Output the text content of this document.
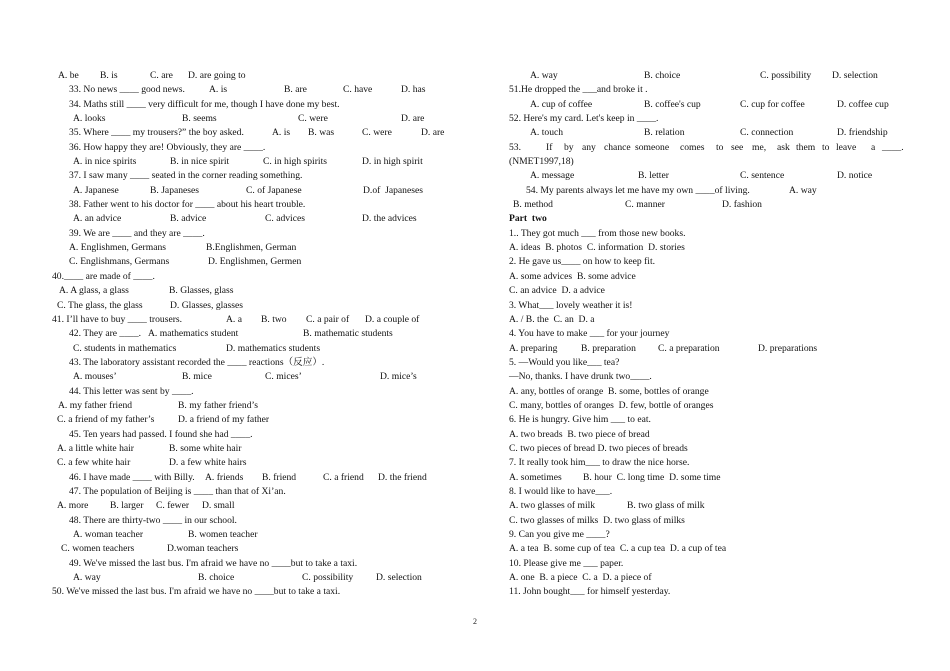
A. be B. is	C. are D. are going to
33. No news ____ good news.	A. is	B. are	C. have	D. has
34. Maths still ____ very difficult for me, though I have done my best.
A. looks	B. seems	C. were	D. are
35. Where ____ my trousers?” the boy asked.	A. is B. was	C. were	D. are
36. How happy they are! Obviously, they are ____.
A. in nice spirits	B. in nice spirit	C. in high spirits	D. in high spirit
37. I saw many ____ seated in the corner reading something.
A. Japanese	B. Japaneses	C. of Japanese	D.of  Japaneses
38. Father went to his doctor for ____ about his heart trouble.
A. an advice	B. advice	C. advices	D. the advices
39. We are ____ and they are ____.
A. Englishmen, Germans	B.Englishmen, German
C. Englishmans, Germans	D. Englishmen, Germen
40.____ are made of ____.
A. A glass, a glass	B. Glasses, glass
C. The glass, the glass	D. Glasses, glasses
41. I’ll have to buy ____ trousers.	A. a B. two C. a pair of D. a couple of
42. They are ____. A. mathematics student	B. mathematic students
C. students in mathematics	D. mathematics students
43. The laboratory assistant recorded the ____ reactions（反应）.
A. mouses’	B. mice	C. mices’	D. mice’s
44. This letter was sent by ____.
A. my father friend	B. my father friend’s
C. a friend of my father’s D. a friend of my father
45. Ten years had passed. I found she had ____.
A. a little white hair	B. some white hair
C. a few white hair	D. a few white hairs
46. I have made ____ with Billy. A. friends B. friend	C. a friend D. the friend
47. The population of Beijing is ____ than that of Xi’an.
A. more B. larger C. fewer D. small
48. There are thirty-two ____ in our school.
A. woman teacher	B. women teacher
C. women teachers	D.woman teachers
49. We've missed the last bus. I'm afraid we have no ____but to take a taxi.
A. way	B. choice	C. possibility D. selection
50. We've missed the last bus. I'm afraid we have no ____but to take a taxi.
A. way	B. choice	C. possibility D. selection
51.He dropped the ___and broke it .
A. cup of coffee	B. coffee's cup	C. cup for coffee	D. coffee cup
52. Here's my card. Let's keep in ____.
A. touch	B. relation	C. connection	D. friendship
53.	If by any chance someone comes to see me, ask them to leave a ____.
(NMET1997,18)
A. message	B. letter	C. sentence	D. notice
54. My parents always let me have my own ____of living.	A. way
B. method	C. manner	D. fashion
Part  two
1.. They got much ___ from those new books.
A. ideas  B. photos  C. information  D. stories
2. He gave us____ on how to keep fit.
A. some advices  B. some advice
C. an advice  D. a advice
3. What___ lovely weather it is!
A. / B. the  C. an  D. a
4. You have to make ___ for your journey
A. preparing B. preparation C. a preparation	D. preparations
5. —Would you like___ tea?
—No, thanks. I have drunk two____.
A. any, bottles of orange  B. some, bottles of orange
C. many, bottles of oranges  D. few, bottle of oranges
6. He is hungry. Give him ___ to eat.
A. two breads  B. two piece of bread
C. two pieces of bread D. two pieces of breads
7. It really took him___ to draw the nice horse.
A. sometimes B. hour  C. long time  D. some time
8. I would like to have___.
A. two glasses of milk	B. two glass of milk
C. two glasses of milks  D. two glass of milks
9. Can you give me ____?
A. a tea  B. some cup of tea  C. a cup tea  D. a cup of tea
10. Please give me ___ paper.
A. one  B. a piece  C. a  D. a piece of
11. John bought___ for himself yesterday.
2
